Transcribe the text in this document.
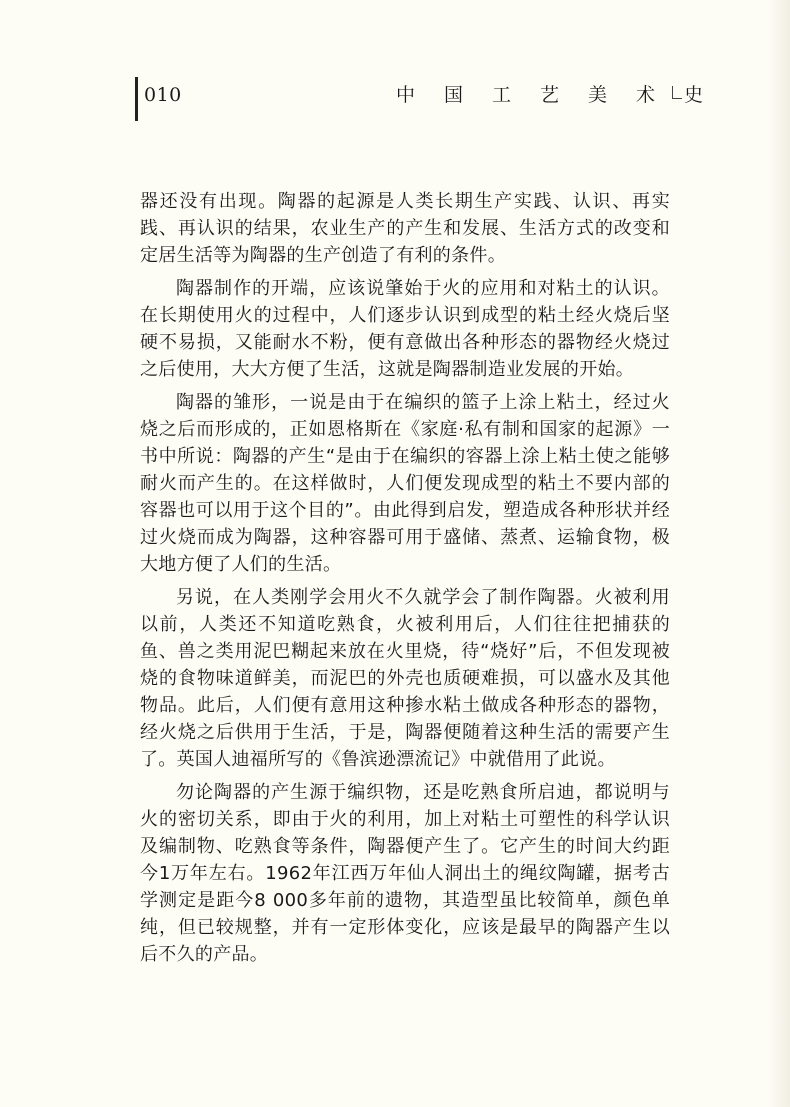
010	中国工艺美术史

器还没有出现。陶器的起源是人类长期生产实践、认识、再实践、再认识的结果，农业生产的产生和发展、生活方式的改变和定居生活等为陶器的生产创造了有利的条件。

陶器制作的开端，应该说肇始于火的应用和对粘土的认识。在长期使用火的过程中，人们逐步认识到成型的粘土经火烧后坚硬不易损，又能耐水不粉，便有意做出各种形态的器物经火烧过之后使用，大大方便了生活，这就是陶器制造业发展的开始。

陶器的雏形，一说是由于在编织的篮子上涂上粘土，经过火烧之后而形成的，正如恩格斯在《家庭·私有制和国家的起源》一书中所说：陶器的产生“是由于在编织的容器上涂上粘土使之能够耐火而产生的。在这样做时，人们便发现成型的粘土不要内部的容器也可以用于这个目的”。由此得到启发，塑造成各种形状并经过火烧而成为陶器，这种容器可用于盛储、蒸煮、运输食物，极大地方便了人们的生活。

另说，在人类刚学会用火不久就学会了制作陶器。火被利用以前，人类还不知道吃熟食，火被利用后，人们往往把捕获的鱼、兽之类用泥巴糊起来放在火里烧，待“烧好”后，不但发现被烧的食物味道鲜美，而泥巴的外壳也质硬难损，可以盛水及其他物品。此后，人们便有意用这种掺水粘土做成各种形态的器物，经火烧之后供用于生活，于是，陶器便随着这种生活的需要产生了。英国人迪福所写的《鲁滨逊漂流记》中就借用了此说。

勿论陶器的产生源于编织物，还是吃熟食所启迪，都说明与火的密切关系，即由于火的利用，加上对粘土可塑性的科学认识及编制物、吃熟食等条件，陶器便产生了。它产生的时间大约距今1万年左右。1962年江西万年仙人洞出土的绳纹陶罐，据考古学测定是距今8 000多年前的遗物，其造型虽比较简单，颜色单纯，但已较规整，并有一定形体变化，应该是最早的陶器产生以后不久的产品。
